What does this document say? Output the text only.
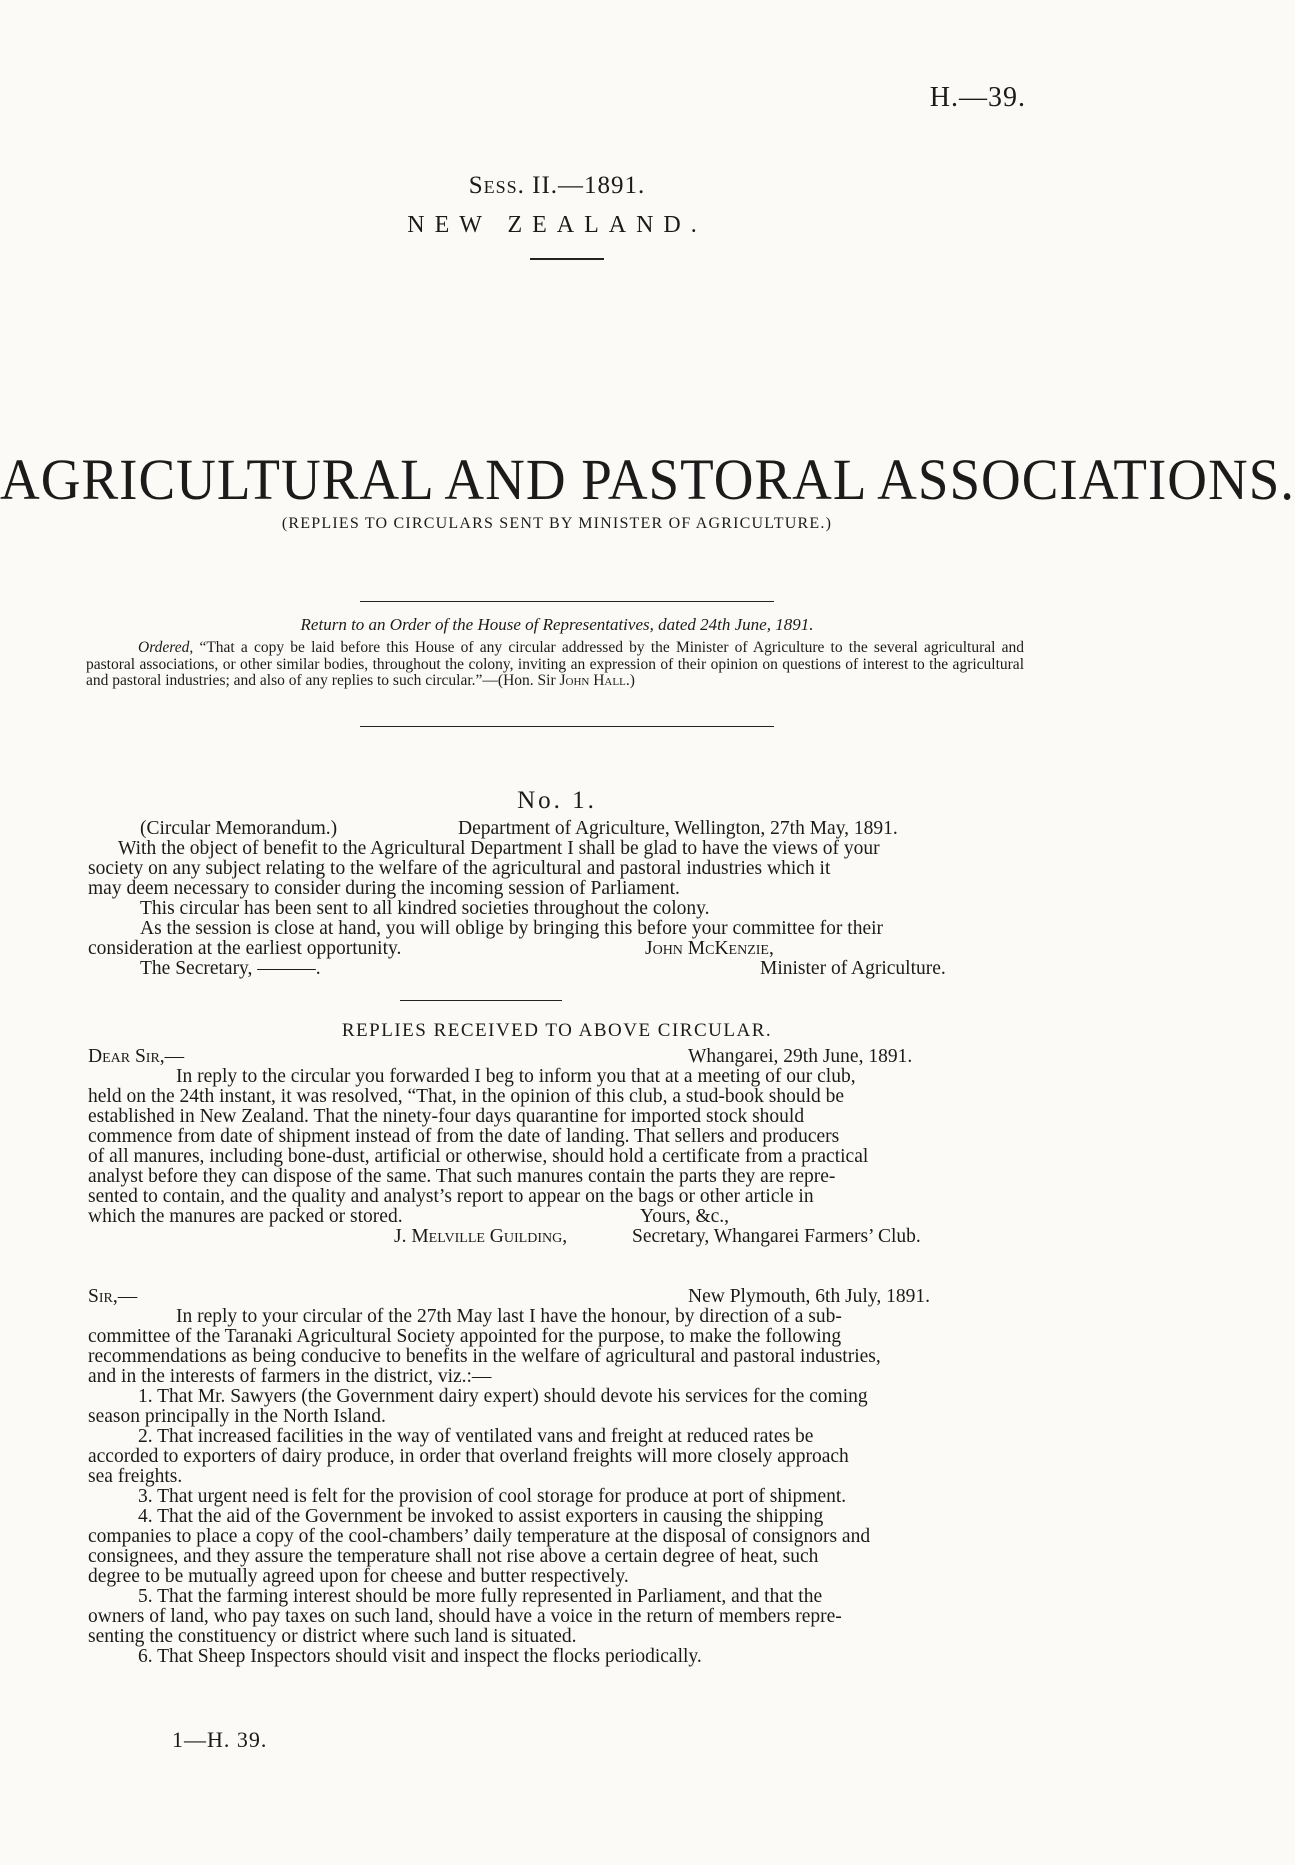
H.—39.
Sess. II.—1891.
NEW ZEALAND.
AGRICULTURAL AND PASTORAL ASSOCIATIONS.
(REPLIES TO CIRCULARS SENT BY MINISTER OF AGRICULTURE.)
Return to an Order of the House of Representatives, dated 24th June, 1891.
Ordered, “That a copy be laid before this House of any circular addressed by the Minister of Agriculture to the several agricultural and pastoral associations, or other similar bodies, throughout the colony, inviting an expression of their opinion on questions of interest to the agricultural and pastoral industries; and also of any replies to such circular.”—(Hon. Sir John Hall.)
No. 1.
(Circular Memorandum.)	Department of Agriculture, Wellington, 27th May, 1891.
With the object of benefit to the Agricultural Department I shall be glad to have the views of your
society on any subject relating to the welfare of the agricultural and pastoral industries which it
may deem necessary to consider during the incoming session of Parliament.
This circular has been sent to all kindred societies throughout the colony.
As the session is close at hand, you will oblige by bringing this before your committee for their
consideration at the earliest opportunity.	John McKenzie,
The Secretary, ———.	Minister of Agriculture.
REPLIES RECEIVED TO ABOVE CIRCULAR.
Dear Sir,—	Whangarei, 29th June, 1891.
In reply to the circular you forwarded I beg to inform you that at a meeting of our club,
held on the 24th instant, it was resolved, “That, in the opinion of this club, a stud-book should be
established in New Zealand. That the ninety-four days quarantine for imported stock should
commence from date of shipment instead of from the date of landing. That sellers and producers
of all manures, including bone-dust, artificial or otherwise, should hold a certificate from a practical
analyst before they can dispose of the same. That such manures contain the parts they are repre-
sented to contain, and the quality and analyst’s report to appear on the bags or other article in
which the manures are packed or stored.	Yours, &c.,
J. Melville Guilding,	Secretary, Whangarei Farmers’ Club.
Sir,—	New Plymouth, 6th July, 1891.
In reply to your circular of the 27th May last I have the honour, by direction of a sub-
committee of the Taranaki Agricultural Society appointed for the purpose, to make the following
recommendations as being conducive to benefits in the welfare of agricultural and pastoral industries,
and in the interests of farmers in the district, viz.:—
1. That Mr. Sawyers (the Government dairy expert) should devote his services for the coming
season principally in the North Island.
2. That increased facilities in the way of ventilated vans and freight at reduced rates be
accorded to exporters of dairy produce, in order that overland freights will more closely approach
sea freights.
3. That urgent need is felt for the provision of cool storage for produce at port of shipment.
4. That the aid of the Government be invoked to assist exporters in causing the shipping
companies to place a copy of the cool-chambers’ daily temperature at the disposal of consignors and
consignees, and they assure the temperature shall not rise above a certain degree of heat, such
degree to be mutually agreed upon for cheese and butter respectively.
5. That the farming interest should be more fully represented in Parliament, and that the
owners of land, who pay taxes on such land, should have a voice in the return of members repre-
senting the constituency or district where such land is situated.
6. That Sheep Inspectors should visit and inspect the flocks periodically.
1—H. 39.
